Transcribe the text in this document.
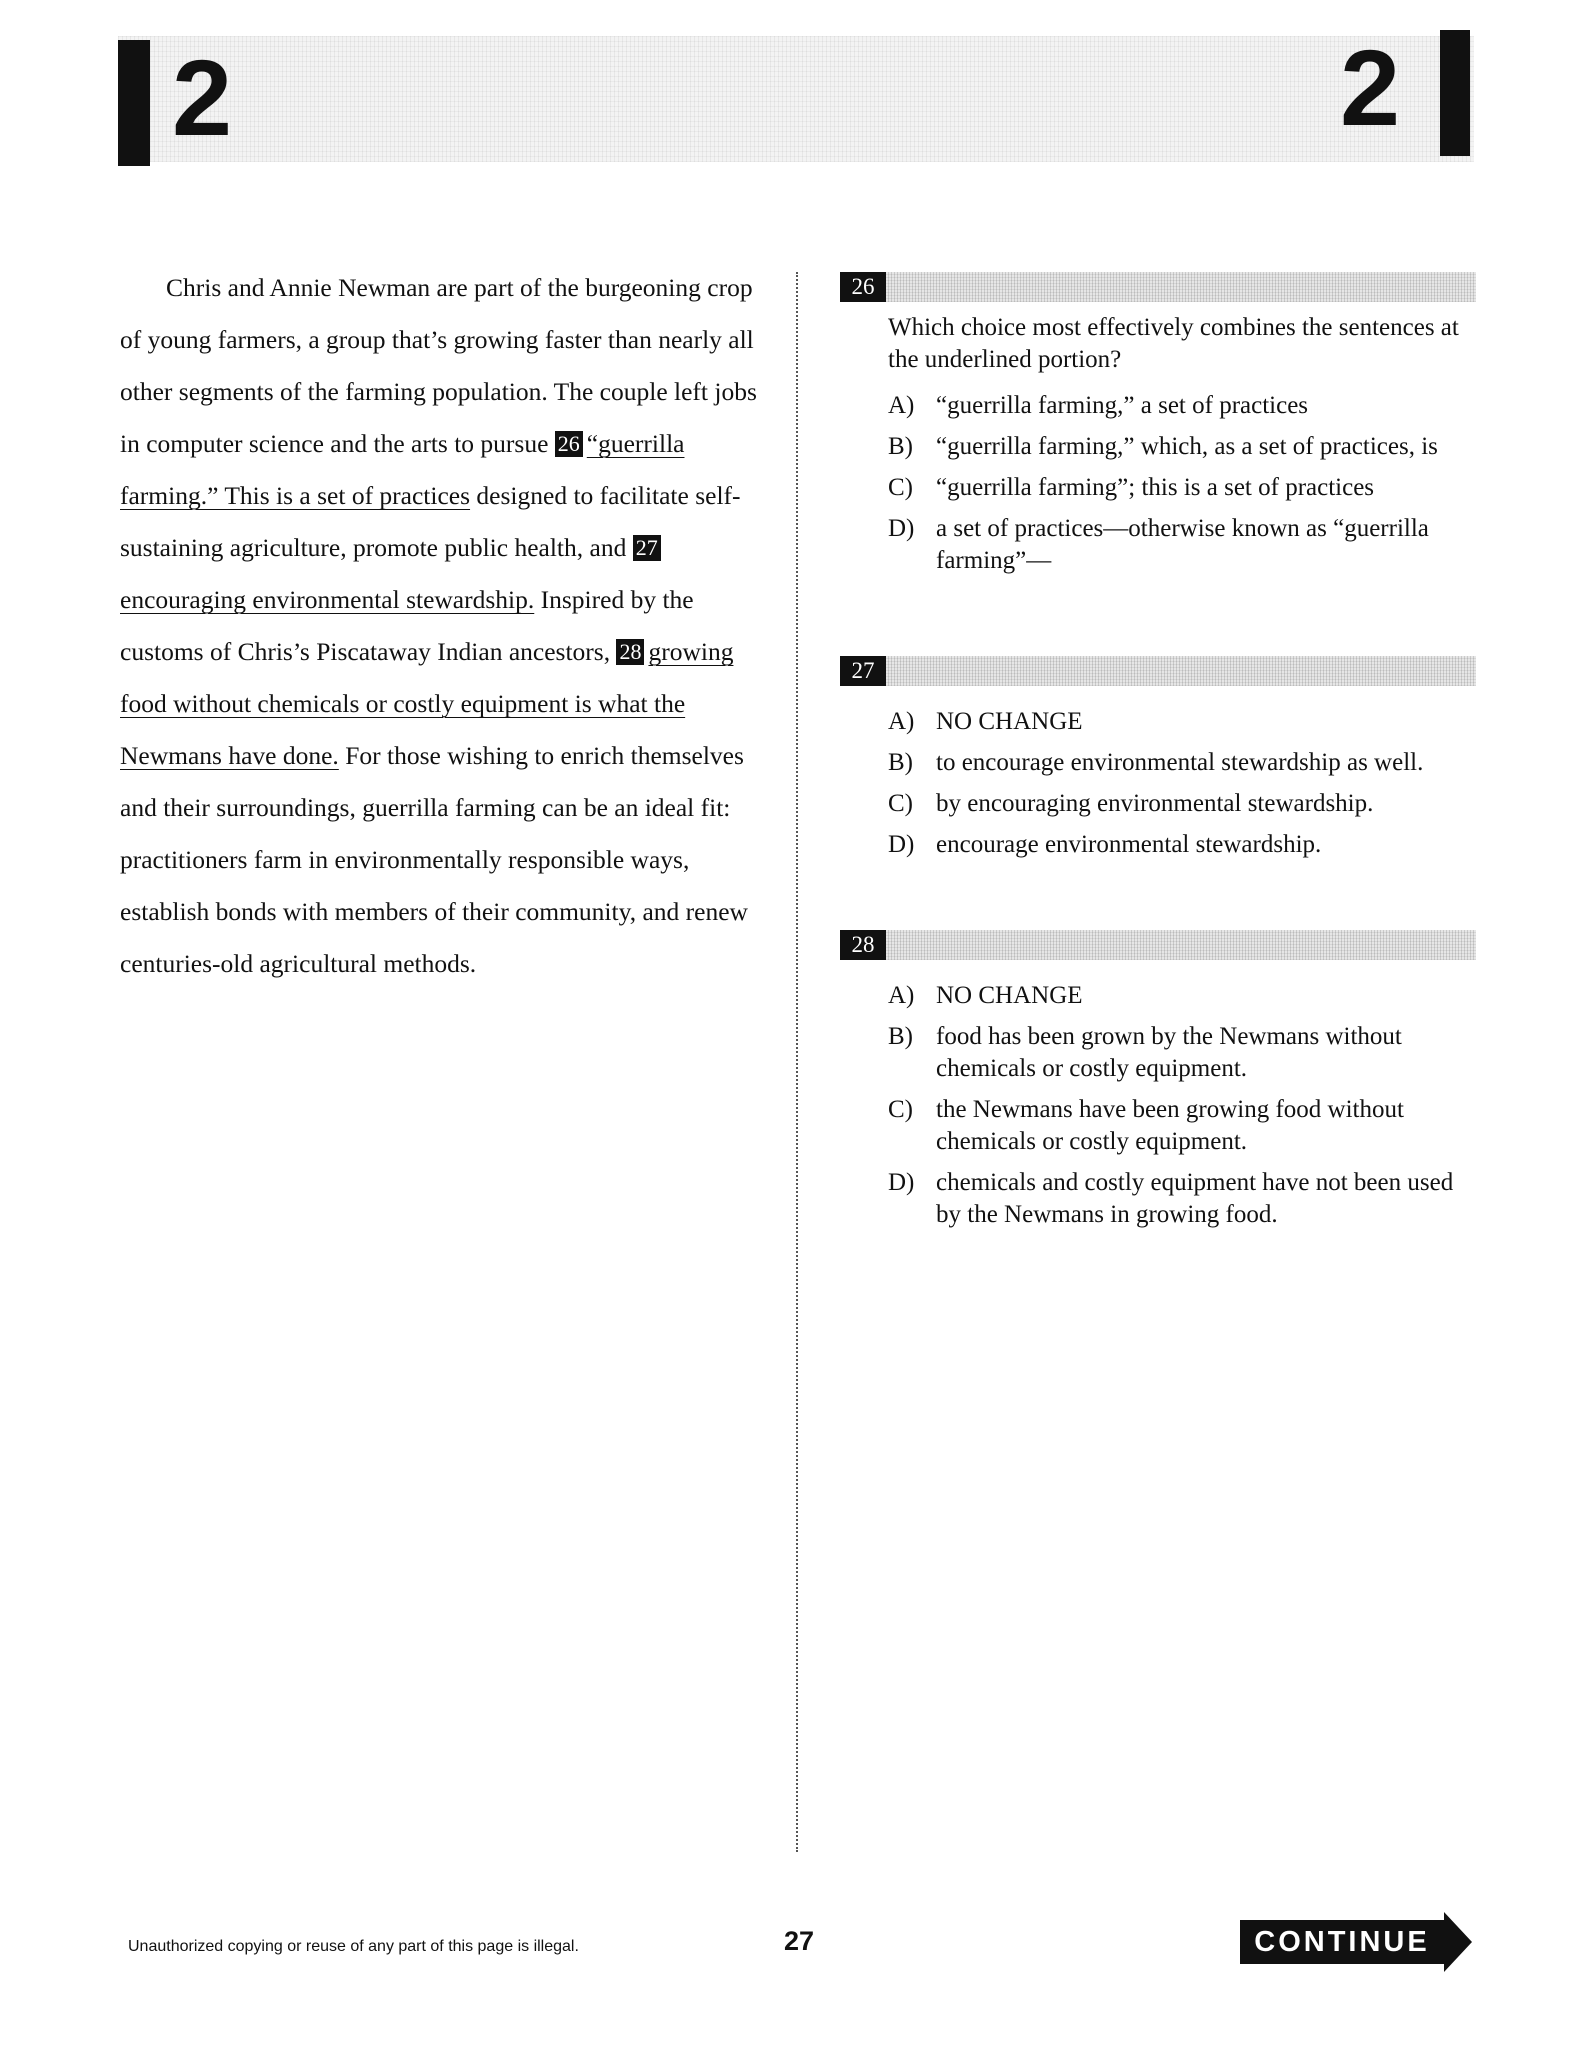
2	2

Chris and Annie Newman are part of the burgeoning crop of young farmers, a group that’s growing faster than nearly all other segments of the farming population. The couple left jobs in computer science and the arts to pursue 26 “guerrilla farming.” This is a set of practices designed to facilitate self-sustaining agriculture, promote public health, and 27encouraging environmental stewardship. Inspired by the customs of Chris’s Piscataway Indian ancestors, 28 growing food without chemicals or costly equipment is what the Newmans have done. For those wishing to enrich themselves and their surroundings, guerrilla farming can be an ideal fit: practitioners farm in environmentally responsible ways, establish bonds with members of their community, and renew centuries-old agricultural methods.

26
Which choice most effectively combines the sentences at the underlined portion?
A) “guerrilla farming,” a set of practices
B) “guerrilla farming,” which, as a set of practices, is
C) “guerrilla farming”; this is a set of practices
D) a set of practices—otherwise known as “guerrilla farming”—
27
A) NO CHANGE
B) to encourage environmental stewardship as well.
C) by encouraging environmental stewardship.
D) encourage environmental stewardship.
28
A) NO CHANGE
B) food has been grown by the Newmans without chemicals or costly equipment.
C) the Newmans have been growing food without chemicals or costly equipment.
D) chemicals and costly equipment have not been used by the Newmans in growing food.
Unauthorized copying or reuse of any part of this page is illegal.	27	CONTINUE
